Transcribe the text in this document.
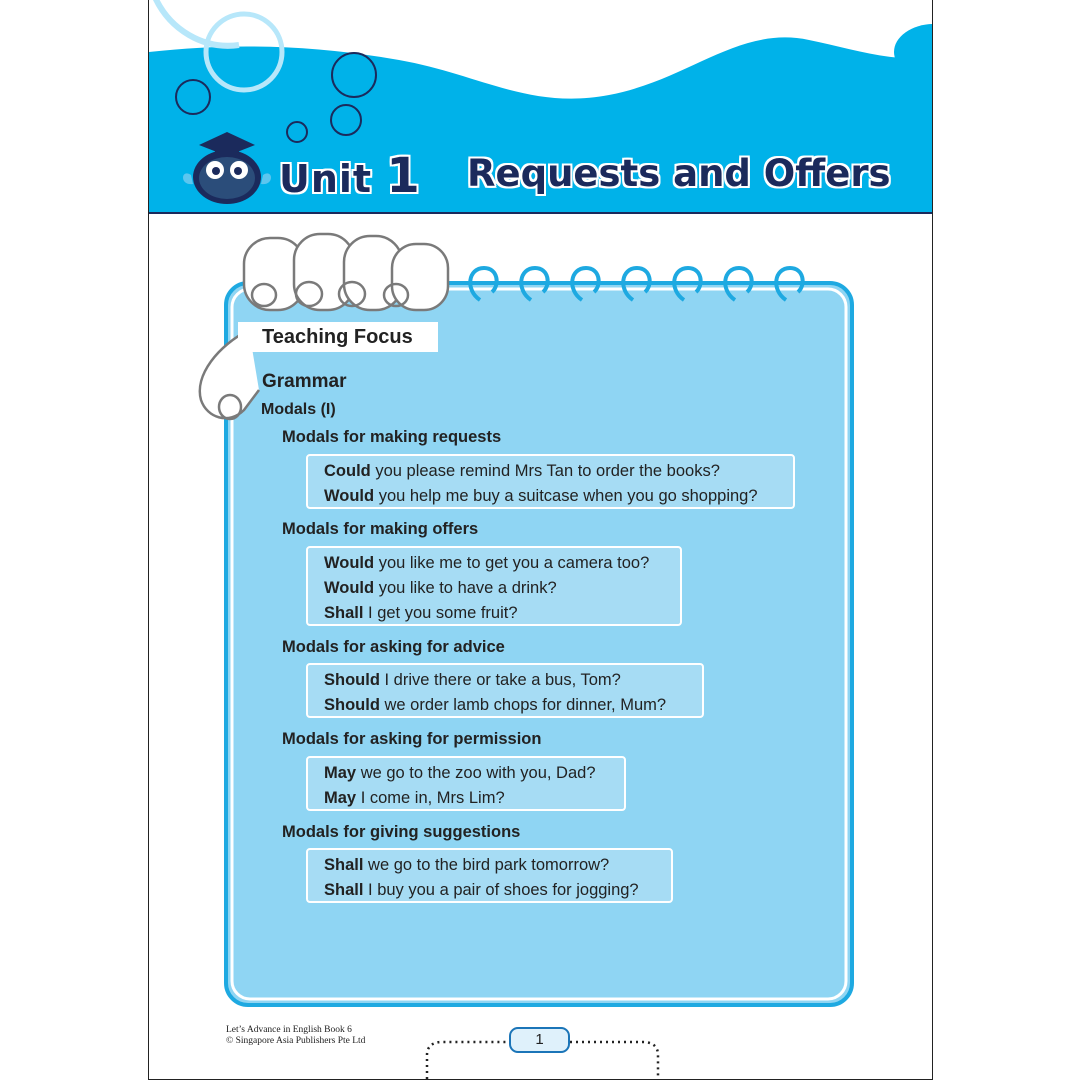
Unit 1 Requests and Offers
Teaching Focus
Grammar
Modals (I)
Modals for making requests
Could you please remind Mrs Tan to order the books?
Would you help me buy a suitcase when you go shopping?
Modals for making offers
Would you like me to get you a camera too?
Would you like to have a drink?
Shall I get you some fruit?
Modals for asking for advice
Should I drive there or take a bus, Tom?
Should we order lamb chops for dinner, Mum?
Modals for asking for permission
May we go to the zoo with you, Dad?
May I come in, Mrs Lim?
Modals for giving suggestions
Shall we go to the bird park tomorrow?
Shall I buy you a pair of shoes for jogging?
Let’s Advance in English Book 6
© Singapore Asia Publishers Pte Ltd	1
